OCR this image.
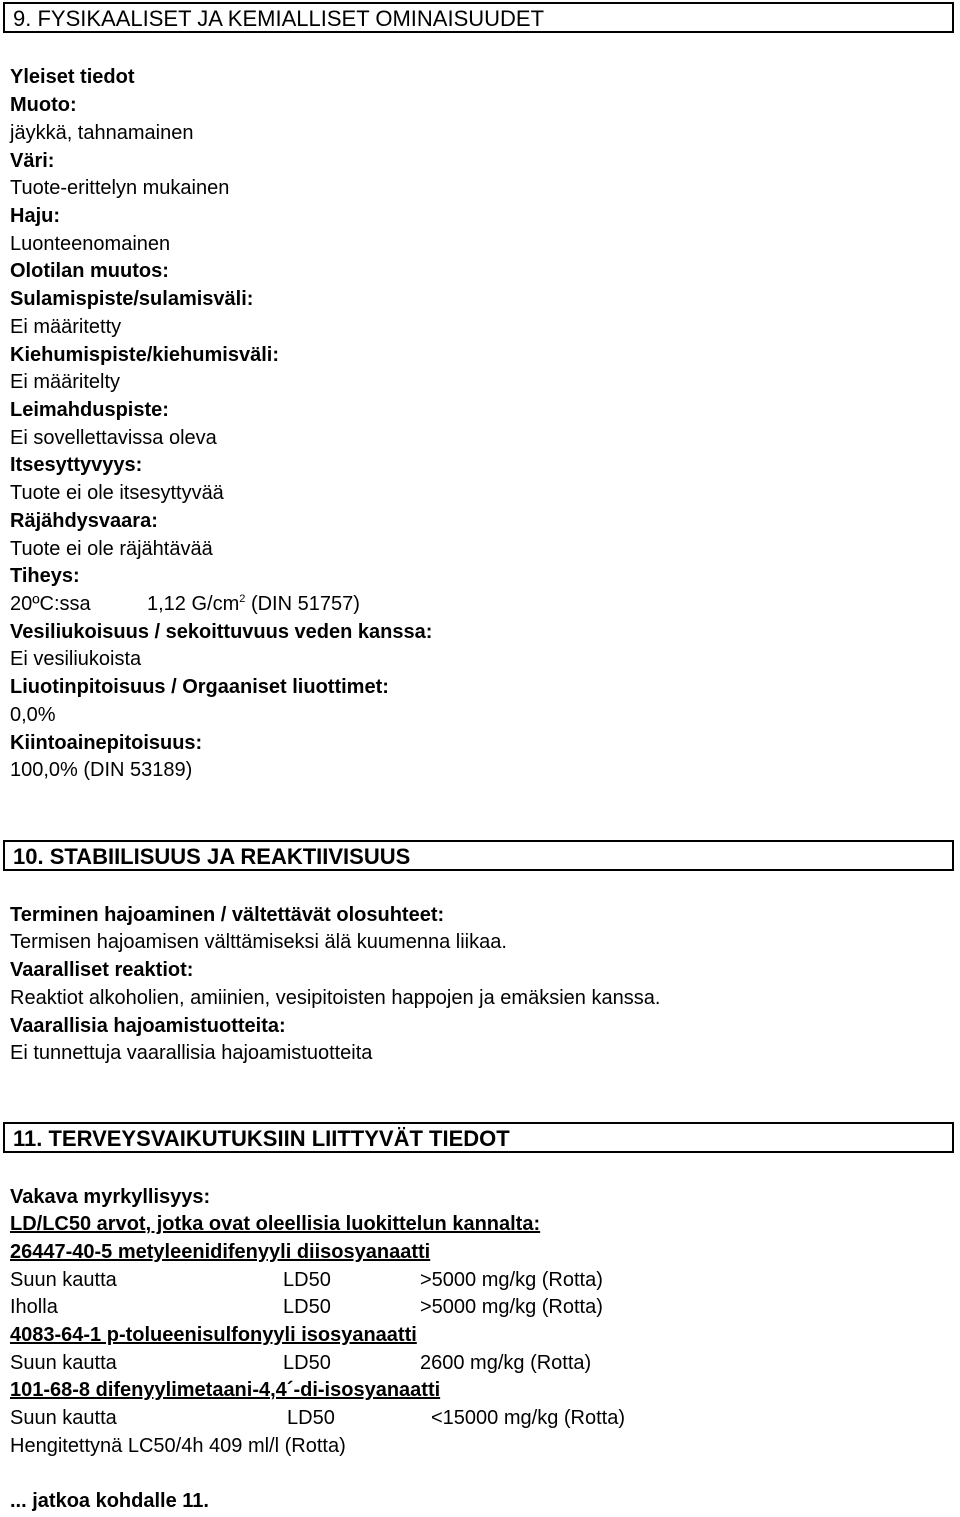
9. FYSIKAALISET JA KEMIALLISET OMINAISUUDET
Yleiset tiedot
Muoto:
jäykkä, tahnamainen
Väri:
Tuote-erittelyn mukainen
Haju:
Luonteenomainen
Olotilan muutos:
Sulamispiste/sulamisväli:
Ei määritetty
Kiehumispiste/kiehumisväli:
Ei määritelty
Leimahduspiste:
Ei sovellettavissa oleva
Itsesyttyvyys:
Tuote ei ole itsesyttyvää
Räjähdysvaara:
Tuote ei ole räjähtävää
Tiheys:
20ºC:ssa	1,12 $G/cm^2$ (DIN 51757)
Vesiliukoisuus / sekoittuvuus veden kanssa:
Ei vesiliukoista
Liuotinpitoisuus / Orgaaniset liuottimet:
0,0%
Kiintoainepitoisuus:
100,0% (DIN 53189)
10. STABIILISUUS JA REAKTIIVISUUS
Terminen hajoaminen / vältettävät olosuhteet:
Termisen hajoamisen välttämiseksi älä kuumenna liikaa.
Vaaralliset reaktiot:
Reaktiot alkoholien, amiinien, vesipitoisten happojen ja emäksien kanssa.
Vaarallisia hajoamistuotteita:
Ei tunnettuja vaarallisia hajoamistuotteita
11. TERVEYSVAIKUTUKSIIN LIITTYVÄT TIEDOT
Vakava myrkyllisyys:
LD/LC50 arvot, jotka ovat oleellisia luokittelun kannalta:
26447-40-5 metyleenidifenyyli diisosyanaatti
Suun kautta	LD50	>5000 mg/kg (Rotta)
Iholla	LD50	>5000 mg/kg (Rotta)
4083-64-1 p-tolueenisulfonyyli isosyanaatti
Suun kautta	LD50	2600 mg/kg (Rotta)
101-68-8 difenyylimetaani-4,4´-di-isosyanaatti
Suun kautta	LD50	<15000 mg/kg (Rotta)
Hengitettynä LC50/4h 409 ml/l (Rotta)
... jatkoa kohdalle 11.
